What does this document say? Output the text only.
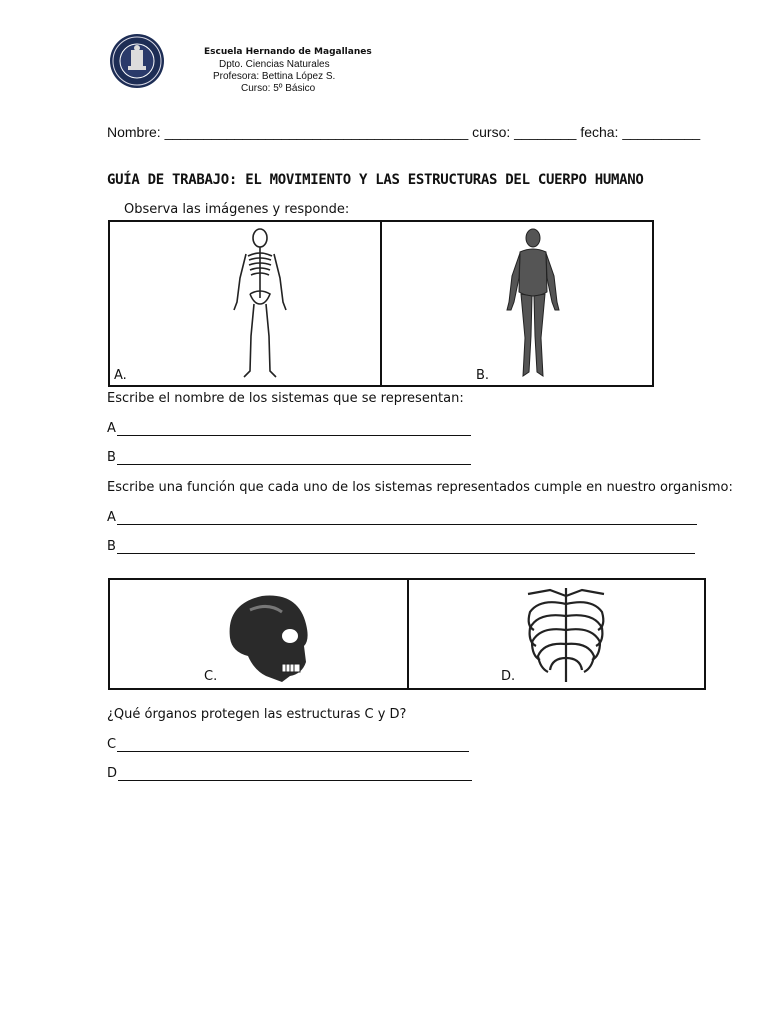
Escuela Hernando de Magallanes
Dpto. Ciencias Naturales
Profesora: Bettina López S.
Curso: 5º Básico
Nombre: _______________________________________ curso: ________ fecha: __________
GUÍA DE TRABAJO: EL MOVIMIENTO Y LAS ESTRUCTURAS DEL CUERPO HUMANO
Observa las imágenes y responde:
A.	B.
Escribe el nombre de los sistemas que se representan:
A
B
Escribe una función que cada uno de los sistemas representados cumple en nuestro organismo:
A
B
C.	D.
¿Qué órganos protegen las estructuras C y D?
C
D
